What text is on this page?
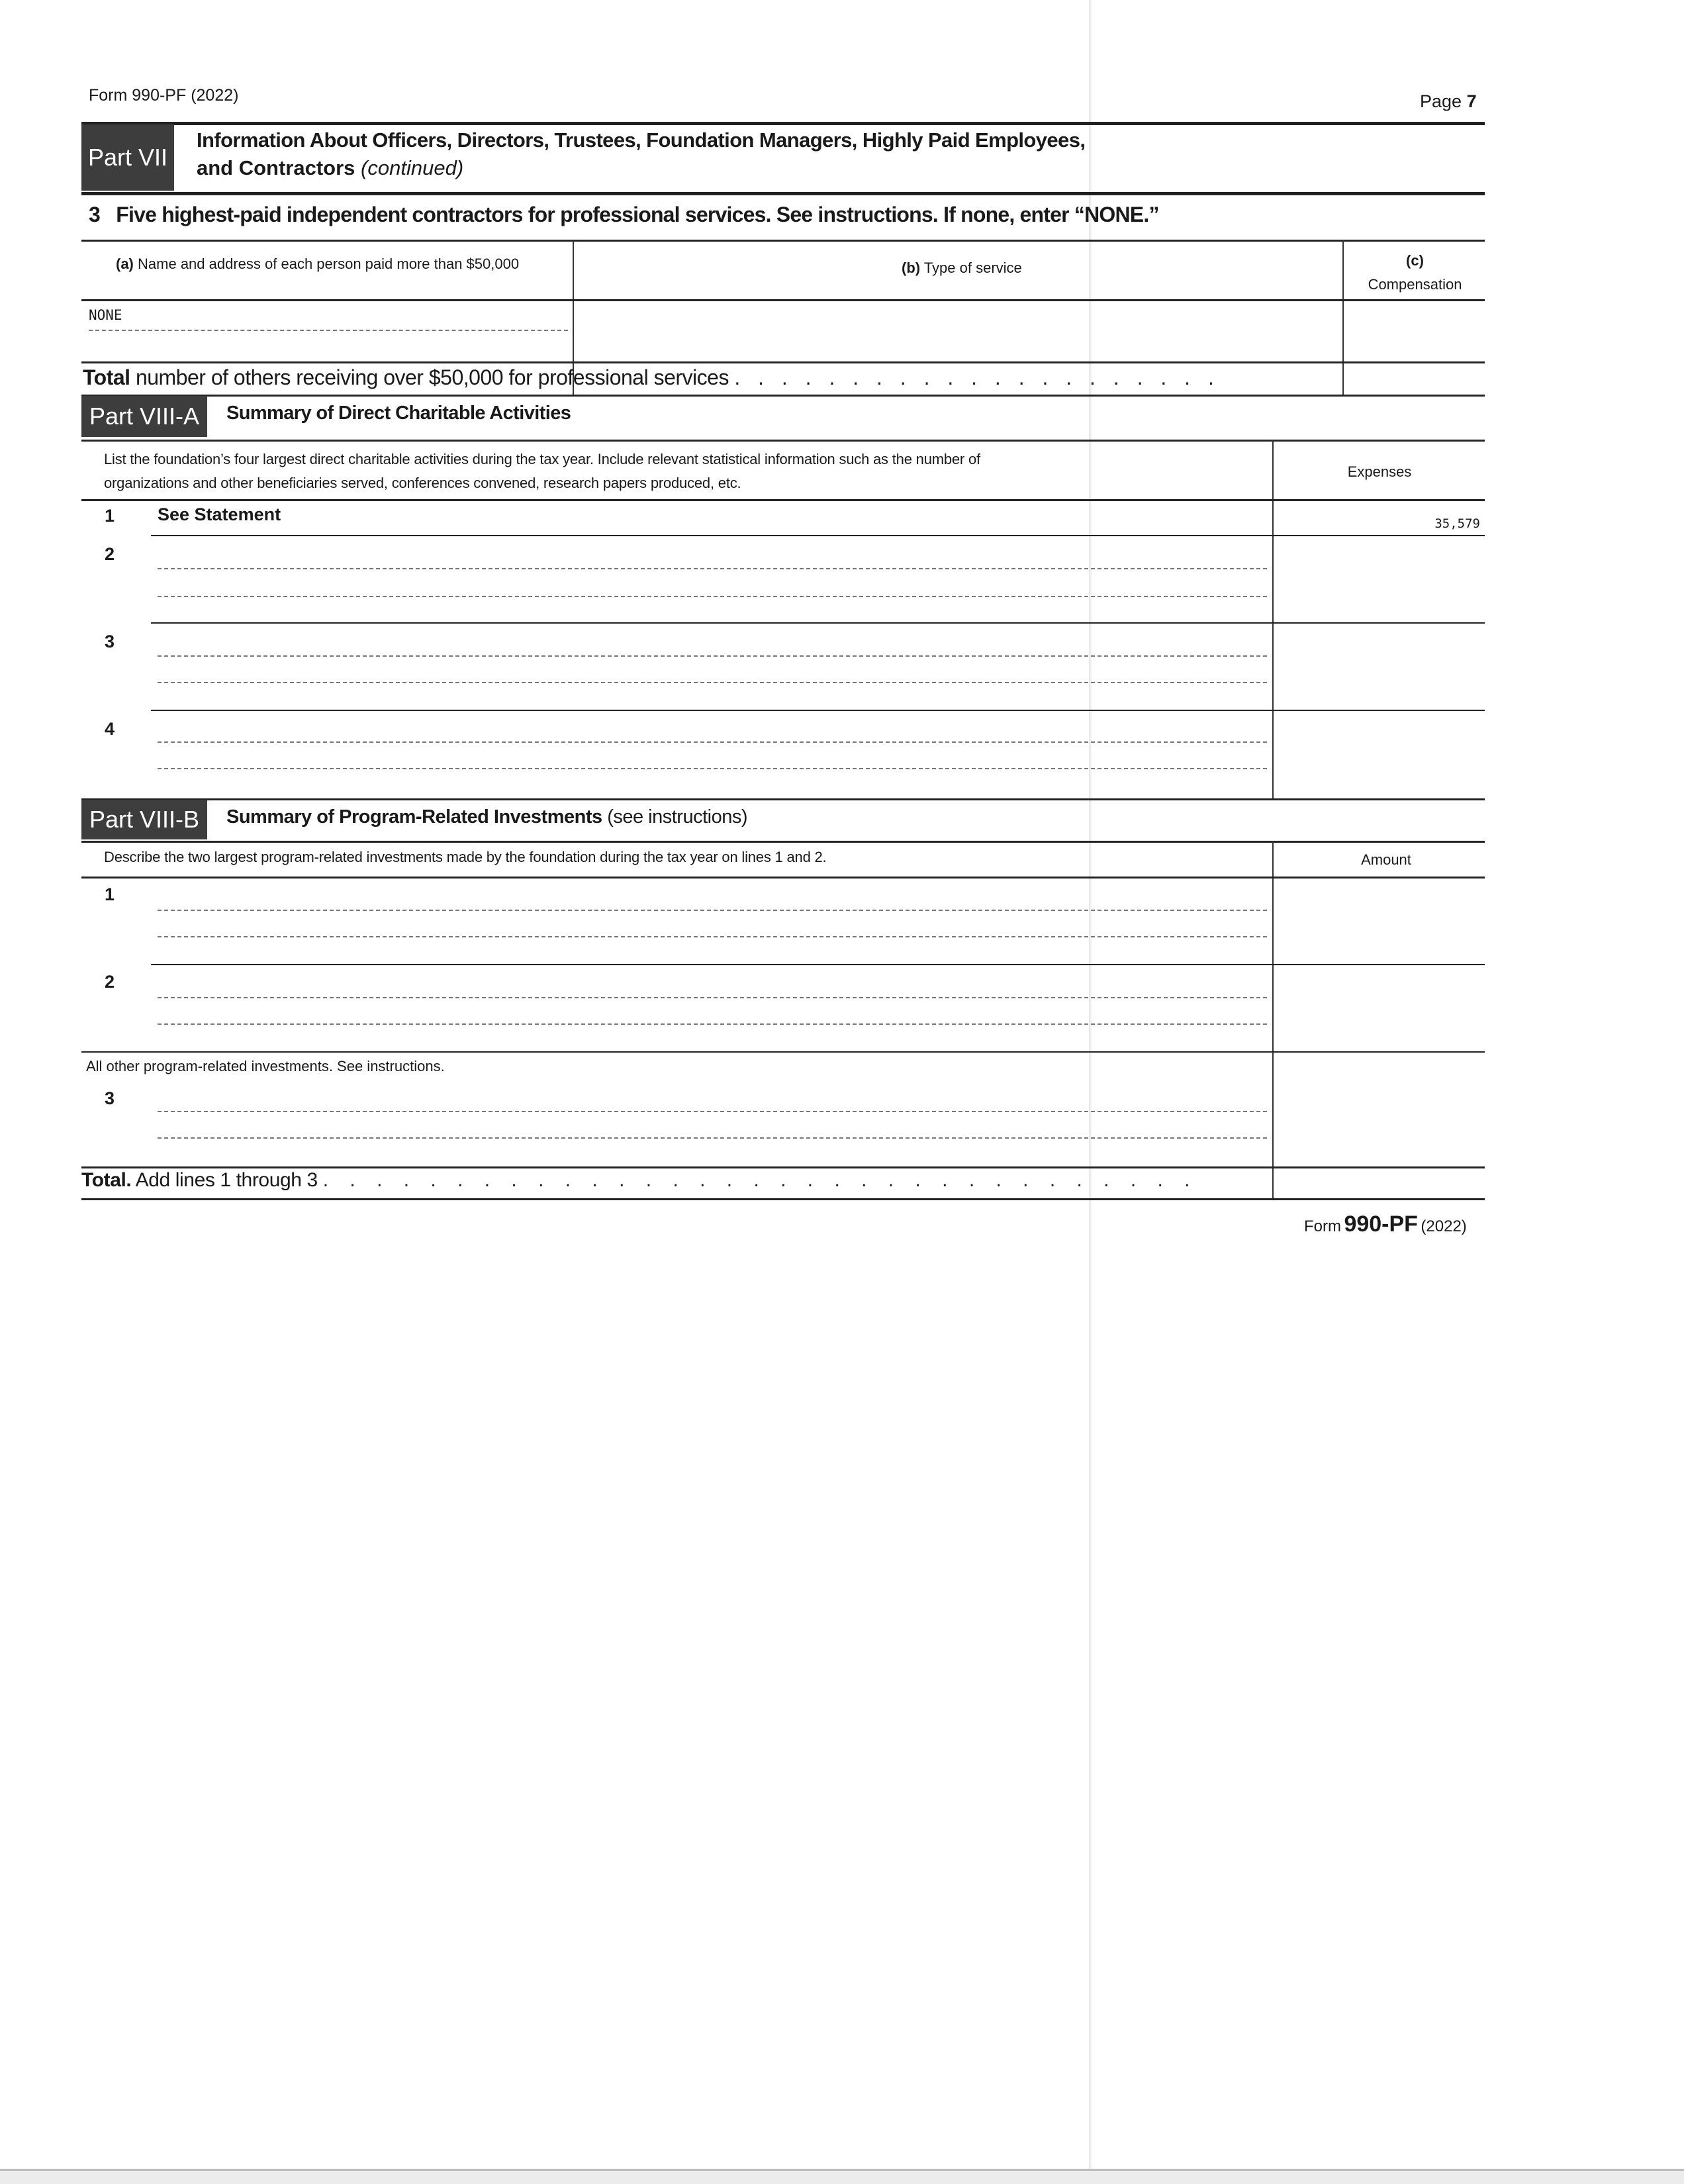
Form 990-PF (2022)	Page 7
Part VII
Information About Officers, Directors, Trustees, Foundation Managers, Highly Paid Employees,
and Contractors (continued)
3 Five highest-paid independent contractors for professional services. See instructions. If none, enter “NONE.”
(a) Name and address of each person paid more than $50,000	(b) Type of service	(c)
Compensation
NONE
Total number of others receiving over $50,000 for professional services . . . . . . . . . . . . . . . . . . . . .
Part VIII-A	Summary of Direct Charitable Activities
List the foundation’s four largest direct charitable activities during the tax year. Include relevant statistical information such as the number of
organizations and other beneficiaries served, conferences convened, research papers produced, etc.
Expenses
1 See Statement	35,579
2
3
4
Part VIII-B	Summary of Program-Related Investments (see instructions)
Describe the two largest program-related investments made by the foundation during the tax year on lines 1 and 2.	Amount
1
2
All other program-related investments. See instructions.
3
Total. Add lines 1 through 3 . . . . . . . . . . . . . . . . . . . . . . . . . . . . . . . . .
Form 990-PF (2022)
